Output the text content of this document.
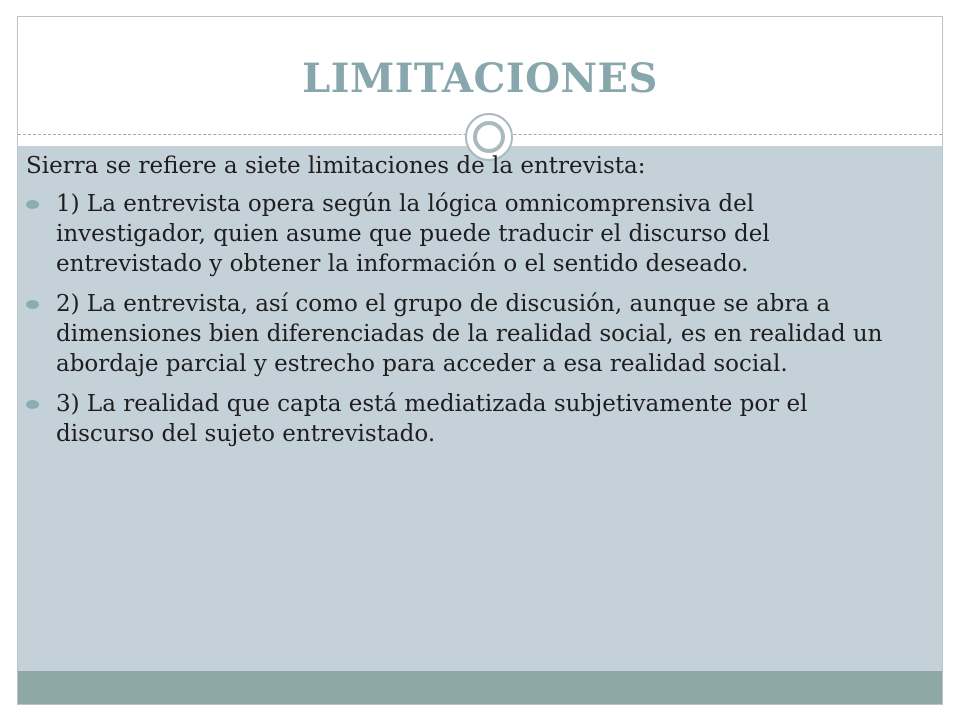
LIMITACIONES

Sierra se refiere a siete limitaciones de la entrevista:

1) La entrevista opera según la lógica omnicomprensiva del investigador, quien asume que puede traducir el discurso del entrevistado y obtener la información o el sentido deseado.
2) La entrevista, así como el grupo de discusión, aunque se abra a dimensiones bien diferenciadas de la realidad social, es en realidad un abordaje parcial y estrecho para acceder a esa realidad social.
3) La realidad que capta está mediatizada subjetivamente por el discurso del sujeto entrevistado.
